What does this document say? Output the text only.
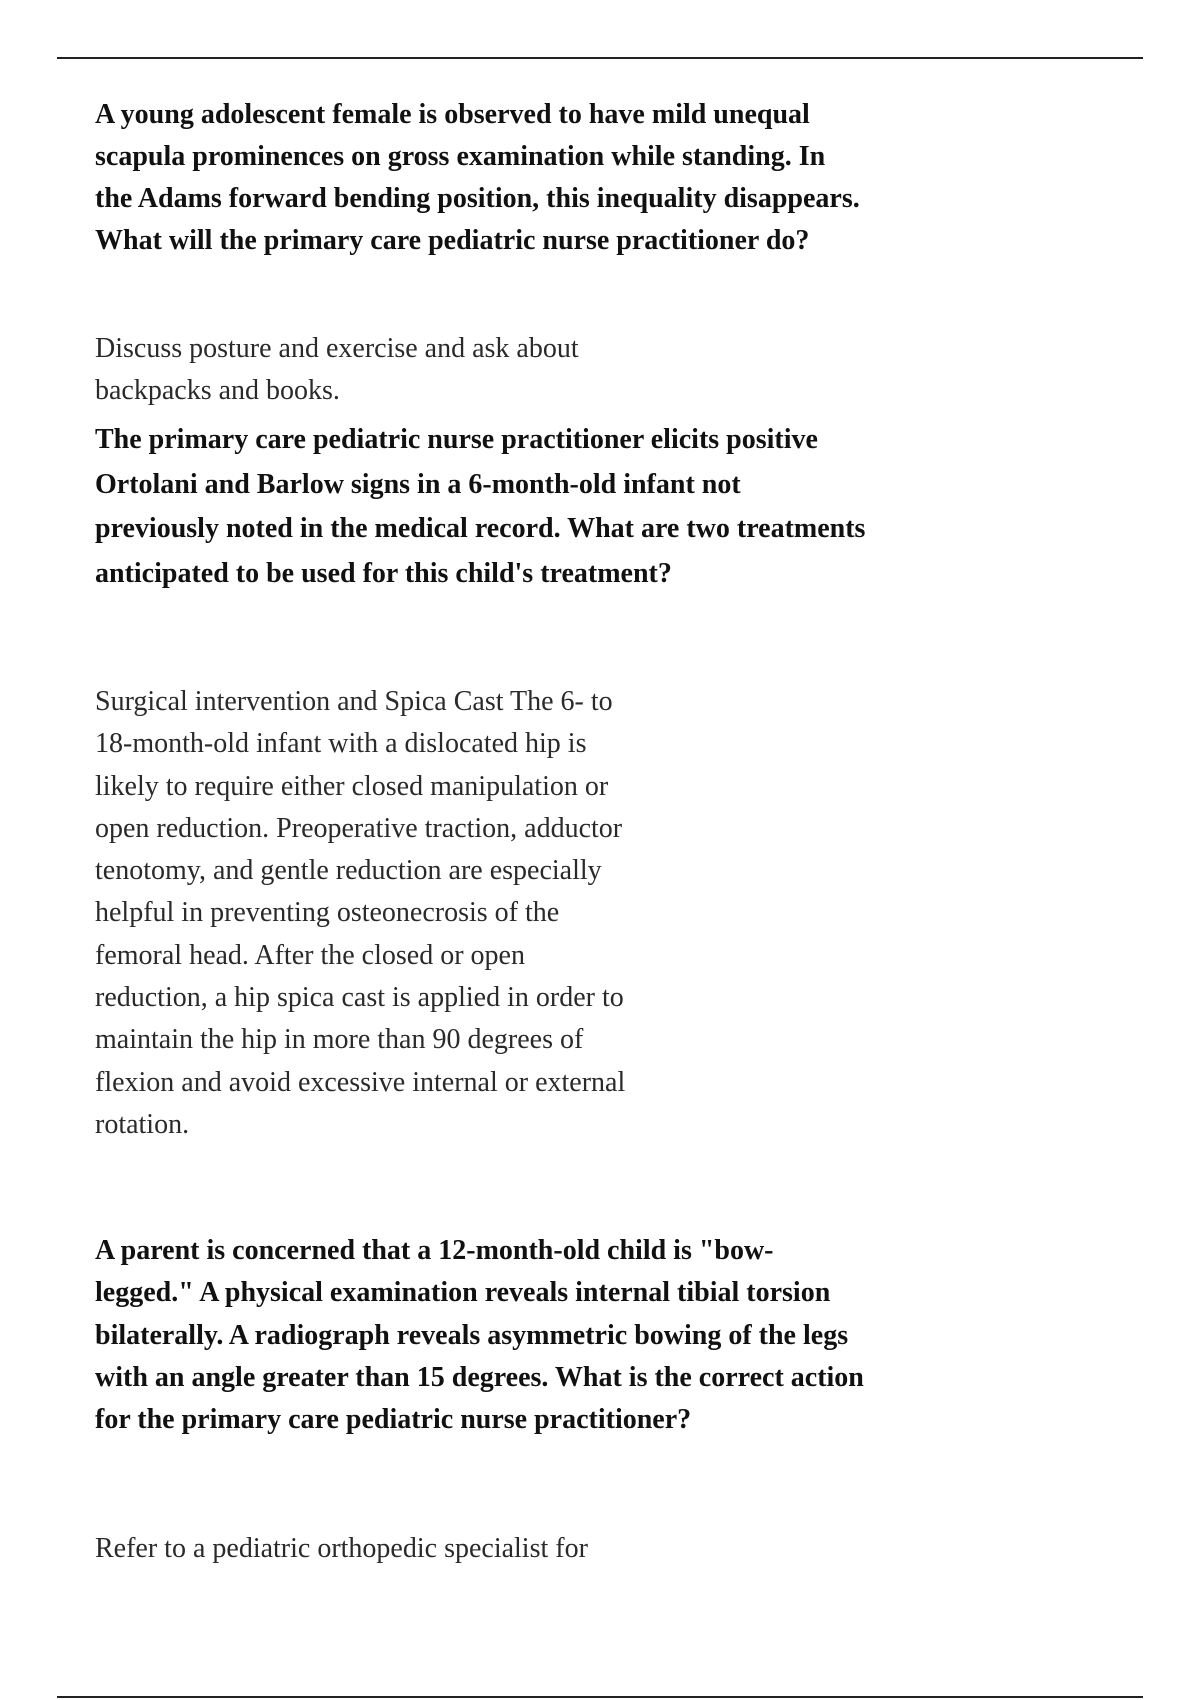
A young adolescent female is observed to have mild unequal
scapula prominences on gross examination while standing. In
the Adams forward bending position, this inequality disappears.
What will the primary care pediatric nurse practitioner do?

Discuss posture and exercise and ask about
backpacks and books.

The primary care pediatric nurse practitioner elicits positive
Ortolani and Barlow signs in a 6-month-old infant not
previously noted in the medical record. What are two treatments
anticipated to be used for this child's treatment?

Surgical intervention and Spica Cast The 6- to
18-month-old infant with a dislocated hip is
likely to require either closed manipulation or
open reduction. Preoperative traction, adductor
tenotomy, and gentle reduction are especially
helpful in preventing osteonecrosis of the
femoral head. After the closed or open
reduction, a hip spica cast is applied in order to
maintain the hip in more than 90 degrees of
flexion and avoid excessive internal or external
rotation.

A parent is concerned that a 12-month-old child is "bow-
legged." A physical examination reveals internal tibial torsion
bilaterally. A radiograph reveals asymmetric bowing of the legs
with an angle greater than 15 degrees. What is the correct action
for the primary care pediatric nurse practitioner?

Refer to a pediatric orthopedic specialist for
